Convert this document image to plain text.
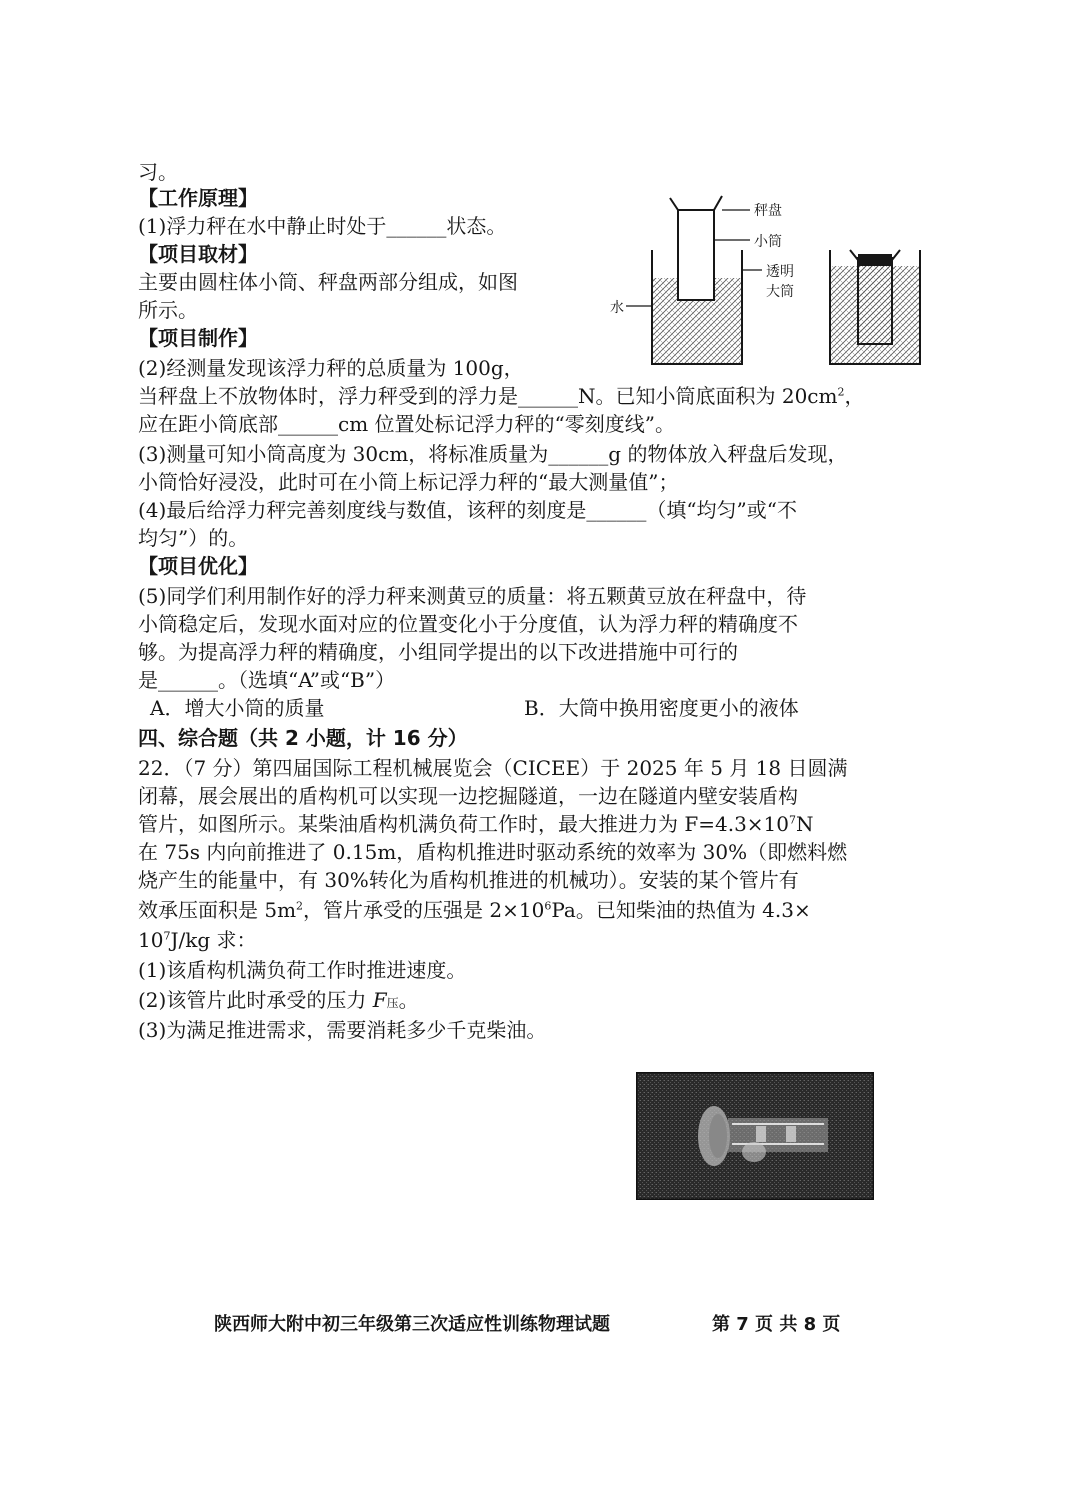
习。
【工作原理】
(1)浮力秤在水中静止时处于______状态。
【项目取材】
主要由圆柱体小筒、秤盘两部分组成，如图
所示。
【项目制作】
(2)经测量发现该浮力秤的总质量为 100g，
当秤盘上不放物体时，浮力秤受到的浮力是______N。已知小筒底面积为 $20cm^2$，
应在距小筒底部______cm 位置处标记浮力秤的“零刻度线”。
(3)测量可知小筒高度为 30cm，将标准质量为______g 的物体放入秤盘后发现，
小筒恰好浸没，此时可在小筒上标记浮力秤的“最大测量值”；
(4)最后给浮力秤完善刻度线与数值，该秤的刻度是______（填“均匀”或“不
均匀”）的。
【项目优化】
(5)同学们利用制作好的浮力秤来测黄豆的质量：将五颗黄豆放在秤盘中，待
小筒稳定后，发现水面对应的位置变化小于分度值，认为浮力秤的精确度不
够。为提高浮力秤的精确度，小组同学提出的以下改进措施中可行的
是______。（选填“A”或“B”）
A．增大小筒的质量	B．大筒中换用密度更小的液体
四、综合题（共 2 小题，计 16 分）
22．（7 分）第四届国际工程机械展览会（CICEE）于 2025 年 5 月 18 日圆满
闭幕，展会展出的盾构机可以实现一边挖掘隧道，一边在隧道内壁安装盾构
管片，如图所示。某柴油盾构机满负荷工作时，最大推进力为 $F=4.3\times 10^7N$
在 75s 内向前推进了 0.15m，盾构机推进时驱动系统的效率为 30%（即燃料燃
烧产生的能量中，有 30%转化为盾构机推进的机械功）。安装的某个管片有
效承压面积是 $5m^2$，管片承受的压强是 $2\times 10^6Pa$。已知柴油的热值为 4.3×
$10^7J/kg$ 求：
(1)该盾构机满负荷工作时推进速度。
(2)该管片此时承受的压力 F压。
(3)为满足推进需求，需要消耗多少千克柴油。
秤盘
小筒
透明
大筒
水
陕西师大附中初三年级第三次适应性训练物理试题	第 7 页 共 8 页
